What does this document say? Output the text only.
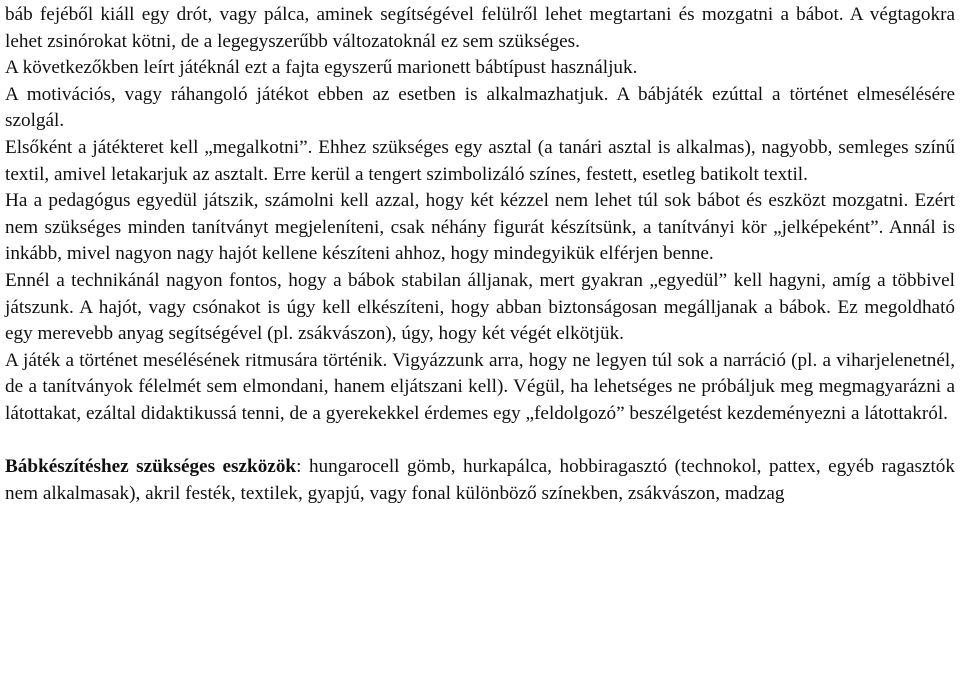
báb fejéből kiáll egy drót, vagy pálca, aminek segítségével felülről lehet megtartani és mozgatni a bábot. A végtagokra lehet zsinórokat kötni, de a legegyszerűbb változatoknál ez sem szükséges.

A következőkben leírt játéknál ezt a fajta egyszerű marionett bábtípust használjuk.

A motivációs, vagy ráhangoló játékot ebben az esetben is alkalmazhatjuk. A bábjáték ezúttal a történet elmesélésére szolgál.

Elsőként a játékteret kell „megalkotni”. Ehhez szükséges egy asztal (a tanári asztal is alkalmas), nagyobb, semleges színű textil, amivel letakarjuk az asztalt. Erre kerül a tengert szimbolizáló színes, festett, esetleg batikolt textil.

Ha a pedagógus egyedül játszik, számolni kell azzal, hogy két kézzel nem lehet túl sok bábot és eszközt mozgatni. Ezért nem szükséges minden tanítványt megjeleníteni, csak néhány figurát készítsünk, a tanítványi kör „jelképeként”. Annál is inkább, mivel nagyon nagy hajót kellene készíteni ahhoz, hogy mindegyikük elférjen benne.

Ennél a technikánál nagyon fontos, hogy a bábok stabilan álljanak, mert gyakran „egyedül” kell hagyni, amíg a többivel játszunk. A hajót, vagy csónakot is úgy kell elkészíteni, hogy abban biztonságosan megálljanak a bábok. Ez megoldható egy merevebb anyag segítségével (pl. zsákvászon), úgy, hogy két végét elkötjük.

A játék a történet mesélésének ritmusára történik. Vigyázzunk arra, hogy ne legyen túl sok a narráció (pl. a viharjelenetnél, de a tanítványok félelmét sem elmondani, hanem eljátszani kell). Végül, ha lehetséges ne próbáljuk meg megmagyarázni a látottakat, ezáltal didaktikussá tenni, de a gyerekekkel érdemes egy „feldolgozó” beszélgetést kezdeményezni a látottakról.

Bábkészítéshez szükséges eszközök: hungarocell gömb, hurkapálca, hobbiragasztó (technokol, pattex, egyéb ragasztók nem alkalmasak), akril festék, textilek, gyapjú, vagy fonal különböző színekben, zsákvászon, madzag
